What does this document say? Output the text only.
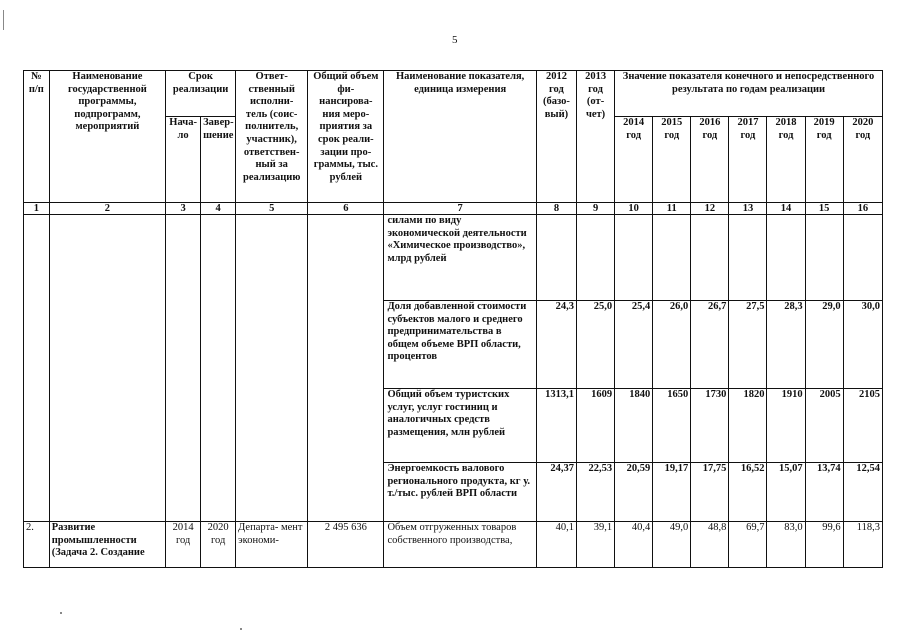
5
№ п/п	Наименование государственной программы, подпрограмм, мероприятий	Срок реализации		Ответ- ственный исполни- тель (соис- полнитель, участник), ответствен- ный за реализацию	Общий объем фи- нансирова- ния меро- приятия за срок реали- зации про- граммы, тыс. рублей	Наименование показателя, единица измерения	2012 год (базо- вый)	2013 год (от- чет)	Значение показателя конечного и непосредственного результата по годам реализации						
		Нача- ло	Завер- шение						2014 год	2015 год	2016 год	2017 год	2018 год	2019 год	2020 год
1	2	3	4	5	6	7	8	9	10	11	12	13	14	15	16
						силами по виду экономической деятельности «Химическое производство», млрд рублей									
						Доля добавленной стоимости субъектов малого и среднего предпринимательства в общем объеме ВРП области, процентов	24,3	25,0	25,4	26,0	26,7	27,5	28,3	29,0	30,0
						Общий объем туристских услуг, услуг гостиниц и аналогичных средств размещения, млн рублей	1313,1	1609	1840	1650	1730	1820	1910	2005	2105
						Энергоемкость валового регионального продукта, кг у. т./тыс. рублей ВРП области	24,37	22,53	20,59	19,17	17,75	16,52	15,07	13,74	12,54
2.	Развитие промышленности (Задача 2. Создание	2014 год	2020 год	Департа- мент экономи-	2 495 636	Объем отгруженных товаров собственного производства,	40,1	39,1	40,4	49,0	48,8	69,7	83,0	99,6	118,3
